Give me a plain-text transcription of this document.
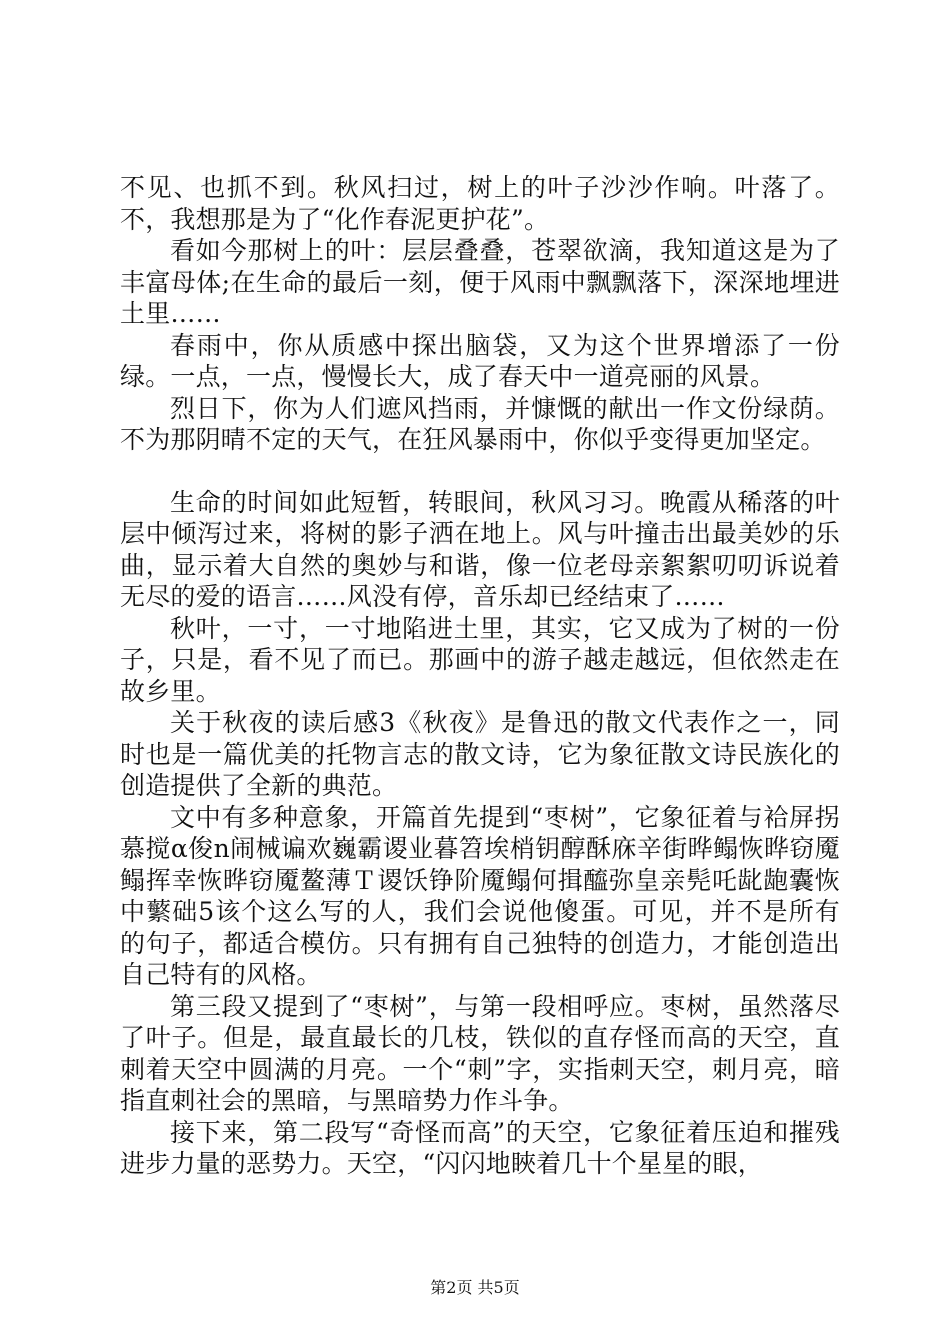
不见、也抓不到。秋风扫过，树上的叶子沙沙作响。叶落了。不，我想那是为了“化作春泥更护花”。

看如今那树上的叶：层层叠叠，苍翠欲滴，我知道这是为了丰富母体;在生命的最后一刻，便于风雨中飘飘落下，深深地埋进土里……

春雨中，你从质感中探出脑袋，又为这个世界增添了一份绿。一点，一点，慢慢长大，成了春天中一道亮丽的风景。

烈日下，你为人们遮风挡雨，并慷慨的献出一作文份绿荫。不为那阴晴不定的天气，在狂风暴雨中，你似乎变得更加坚定。

生命的时间如此短暂，转眼间，秋风习习。晚霞从稀落的叶层中倾泻过来，将树的影子洒在地上。风与叶撞击出最美妙的乐曲，显示着大自然的奥妙与和谐，像一位老母亲絮絮叨叨诉说着无尽的爱的语言……风没有停，音乐却已经结束了……

秋叶，一寸，一寸地陷进土里，其实，它又成为了树的一份子，只是，看不见了而已。那画中的游子越走越远，但依然走在故乡里。

关于秋夜的读后感3《秋夜》是鲁迅的散文代表作之一，同时也是一篇优美的托物言志的散文诗，它为象征散文诗民族化的创造提供了全新的典范。

文中有多种意象，开篇首先提到“枣树”，它象征着与袷屏拐慕搅α俊n闹械谝欢巍霸谡业暮笤埃梢钥醇酥庥辛街晔鳎恢晔窃魇鳎挥幸恢晔窃魇鳌薄Ｔ谡饫铮阶魇鳎何揖醯弥皇亲髡吒龀龅囊恢中蘩础5该个这么写的人，我们会说他傻蛋。可见，并不是所有的句子，都适合模仿。只有拥有自己独特的创造力，才能创造出自己特有的风格。

第三段又提到了“枣树”，与第一段相呼应。枣树，虽然落尽了叶子。但是，最直最长的几枝，铁似的直存怪而高的天空，直刺着天空中圆满的月亮。一个“刺”字，实指刺天空，刺月亮，暗指直刺社会的黑暗，与黑暗势力作斗争。

接下来，第二段写“奇怪而高”的天空，它象征着压迫和摧残进步力量的恶势力。天空，“闪闪地䀹着几十个星星的眼，

第2页 共5页
